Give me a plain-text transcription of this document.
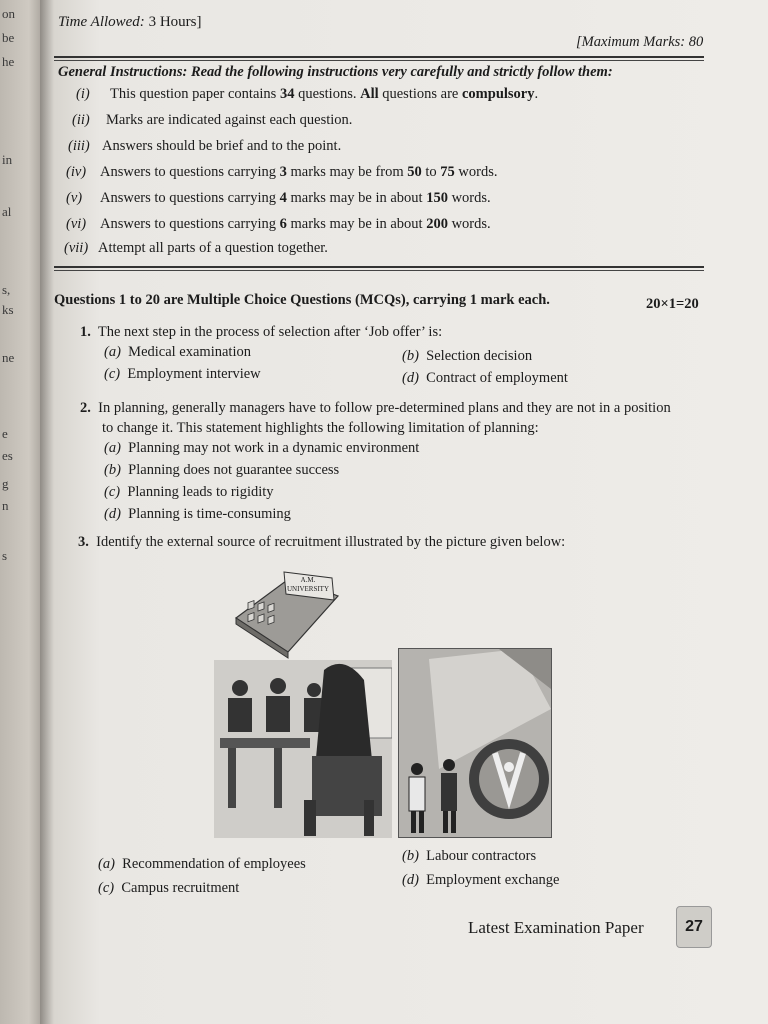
on
be
he
in
al
s,
ks
ne
e
es
g
n
s
Time Allowed: 3 Hours]
[Maximum Marks: 80
General Instructions: Read the following instructions very carefully and strictly follow them:
(i) This question paper contains 34 questions. All questions are compulsory.
(ii) Marks are indicated against each question.
(iii) Answers should be brief and to the point.
(iv) Answers to questions carrying 3 marks may be from 50 to 75 words.
(v) Answers to questions carrying 4 marks may be in about 150 words.
(vi) Answers to questions carrying 6 marks may be in about 200 words.
(vii) Attempt all parts of a question together.
Questions 1 to 20 are Multiple Choice Questions (MCQs), carrying 1 mark each.	20×1=20
1. The next step in the process of selection after ‘Job offer’ is:
(a) Medical examination	(b) Selection decision
(c) Employment interview	(d) Contract of employment
2. In planning, generally managers have to follow pre-determined plans and they are not in a position
to change it. This statement highlights the following limitation of planning:
(a) Planning may not work in a dynamic environment
(b) Planning does not guarantee success
(c) Planning leads to rigidity
(d) Planning is time-consuming
3. Identify the external source of recruitment illustrated by the picture given below:
A.M.
UNIVERSITY
(a) Recommendation of employees	(b) Labour contractors
(c) Campus recruitment	(d) Employment exchange
Latest Examination Paper	27
